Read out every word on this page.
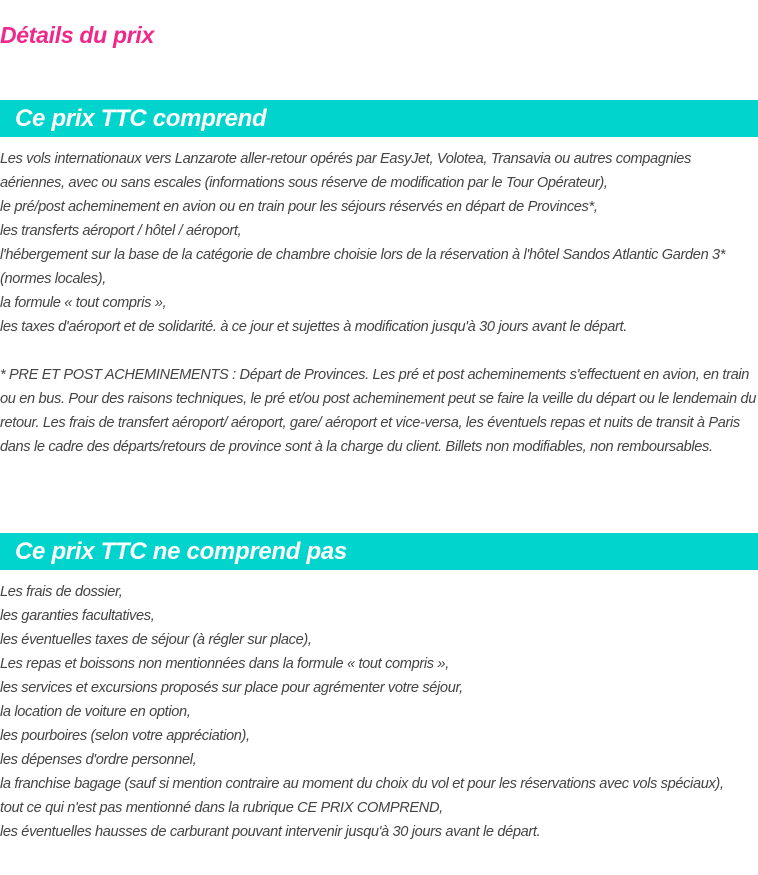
Détails du prix
Ce prix TTC comprend

Les vols internationaux vers Lanzarote aller-retour opérés par EasyJet, Volotea, Transavia ou autres compagnies aériennes, avec ou sans escales (informations sous réserve de modification par le Tour Opérateur),

le pré/post acheminement en avion ou en train pour les séjours réservés en départ de Provinces*,

les transferts aéroport / hôtel / aéroport,

l'hébergement sur la base de la catégorie de chambre choisie lors de la réservation à l'hôtel Sandos Atlantic Garden 3* (normes locales),

la formule « tout compris »,

les taxes d'aéroport et de solidarité. à ce jour et sujettes à modification jusqu'à 30 jours avant le départ.

* PRE ET POST ACHEMINEMENTS : Départ de Provinces. Les pré et post acheminements s'effectuent en avion, en train ou en bus. Pour des raisons techniques, le pré et/ou post acheminement peut se faire la veille du départ ou le lendemain du retour. Les frais de transfert aéroport/ aéroport, gare/ aéroport et vice-versa, les éventuels repas et nuits de transit à Paris dans le cadre des départs/retours de province sont à la charge du client. Billets non modifiables, non remboursables.

Ce prix TTC ne comprend pas

Les frais de dossier,

les garanties facultatives,

les éventuelles taxes de séjour (à régler sur place),

Les repas et boissons non mentionnées dans la formule « tout compris »,

les services et excursions proposés sur place pour agrémenter votre séjour,

la location de voiture en option,

les pourboires (selon votre appréciation),

les dépenses d'ordre personnel,

la franchise bagage (sauf si mention contraire au moment du choix du vol et pour les réservations avec vols spéciaux),

tout ce qui n'est pas mentionné dans la rubrique CE PRIX COMPREND,

les éventuelles hausses de carburant pouvant intervenir jusqu'à 30 jours avant le départ.
